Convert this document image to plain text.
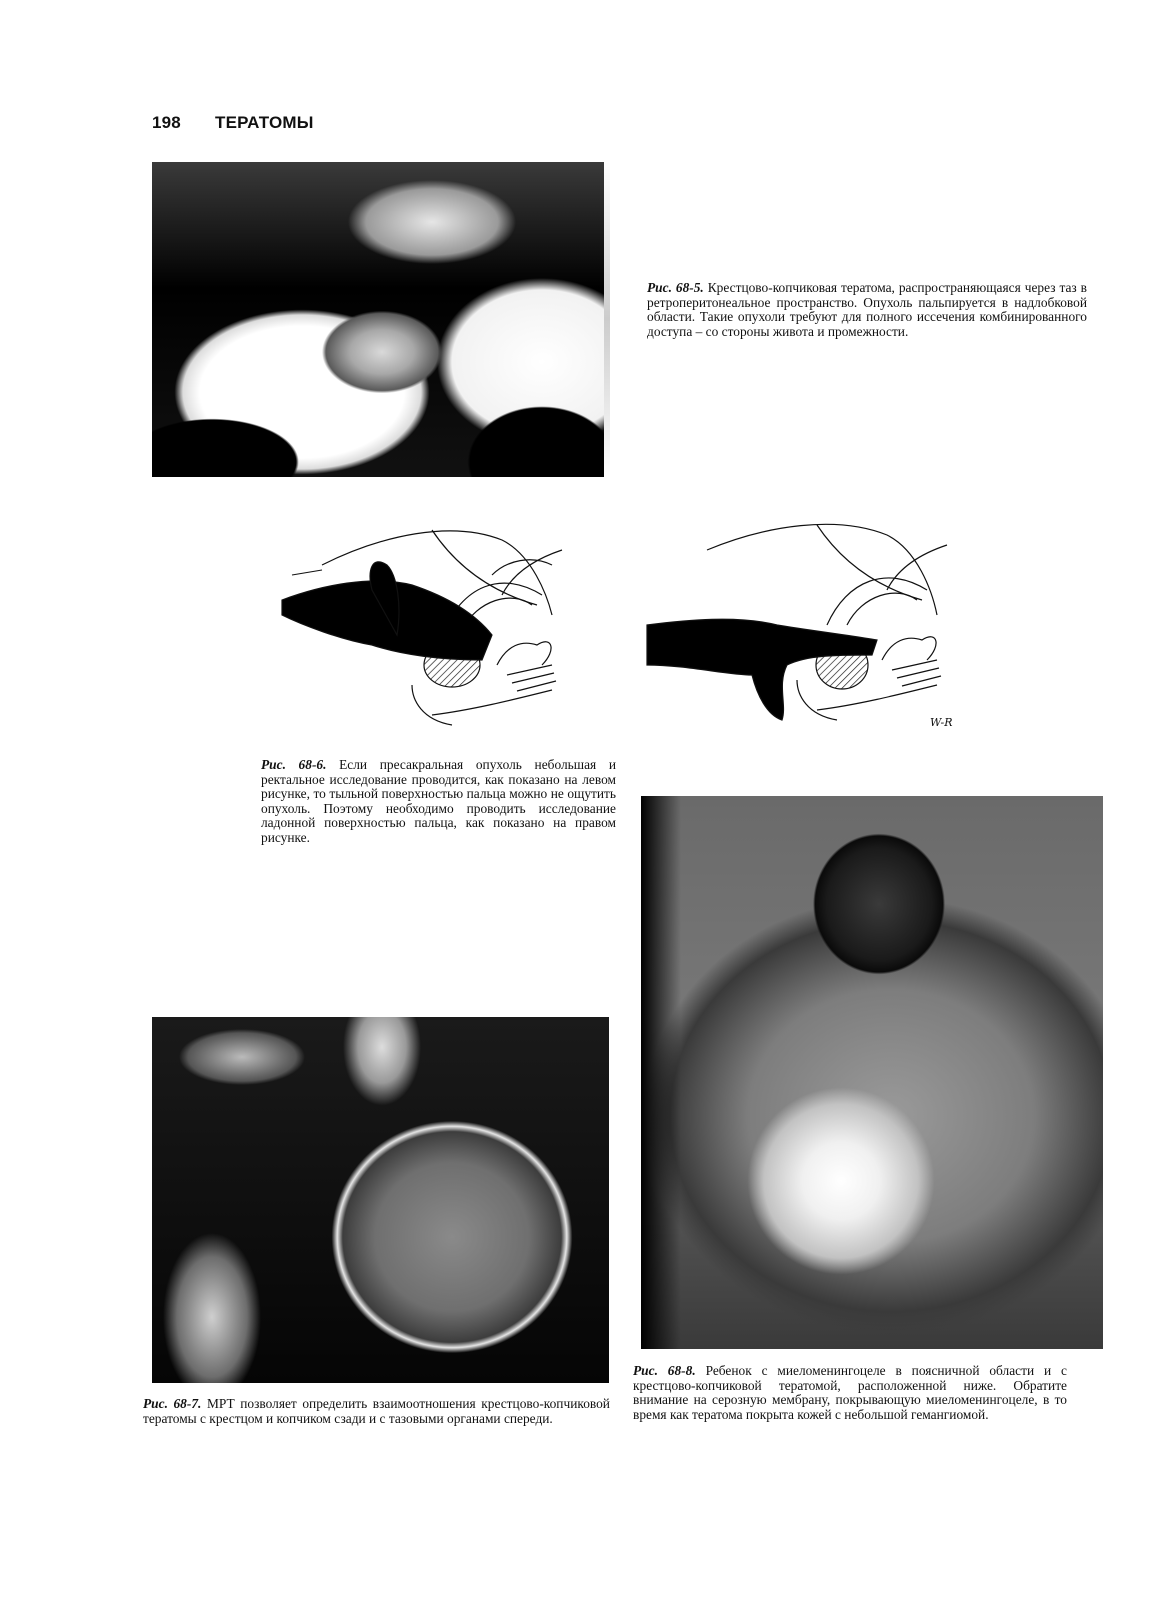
198 ТЕРАТОМЫ
Рис. 68-5. Крестцово-копчиковая тератома, распространяющаяся через таз в ретроперитонеальное пространство. Опухоль пальпируется в надлобковой области. Такие опухоли требуют для полного иссечения комбинированного доступа – со стороны живота и промежности.
W-R
Рис. 68-6. Если пресакральная опухоль небольшая и ректальное исследование проводится, как показано на левом рисунке, то тыльной поверхностью пальца можно не ощутить опухоль. Поэтому необходимо проводить исследование ладонной поверхностью пальца, как показано на правом рисунке.
Рис. 68-8. Ребенок с миеломенингоцеле в поясничной области и с крестцово-копчиковой тератомой, расположенной ниже. Обратите внимание на серозную мембрану, покрывающую миеломенингоцеле, в то время как тератома покрыта кожей с небольшой гемангиомой.
Рис. 68-7. МРТ позволяет определить взаимоотношения крестцово-копчиковой тератомы с крестцом и копчиком сзади и с тазовыми органами спереди.
